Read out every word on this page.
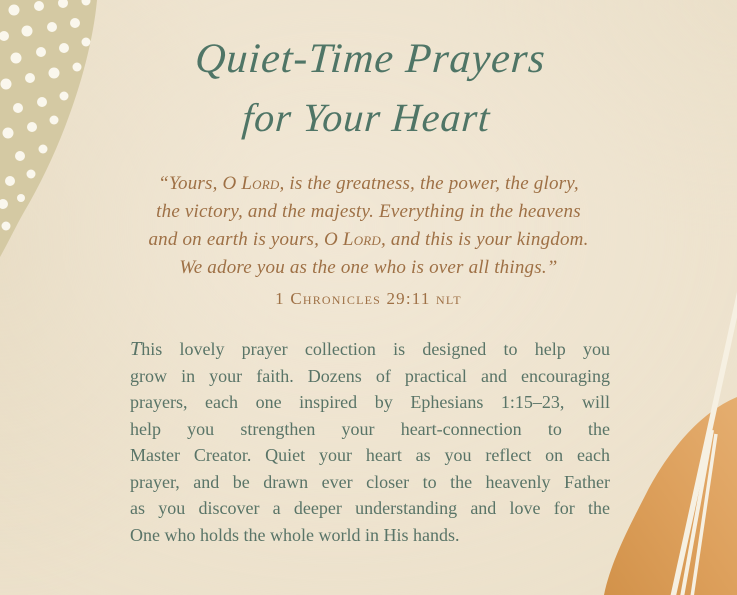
Quiet-Time Prayers
for Your Heart
“Yours, O Lord, is the greatness, the power, the glory,
the victory, and the majesty. Everything in the heavens
and on earth is yours, O Lord, and this is your kingdom.
We adore you as the one who is over all things.”
1 Chronicles 29:11 nlt
This lovely prayer collection is designed to help you
grow in your faith. Dozens of practical and encouraging
prayers, each one inspired by Ephesians 1:15–23, will
help you strengthen your heart-connection to the
Master Creator. Quiet your heart as you reflect on each
prayer, and be drawn ever closer to the heavenly Father
as you discover a deeper understanding and love for the
One who holds the whole world in His hands.
